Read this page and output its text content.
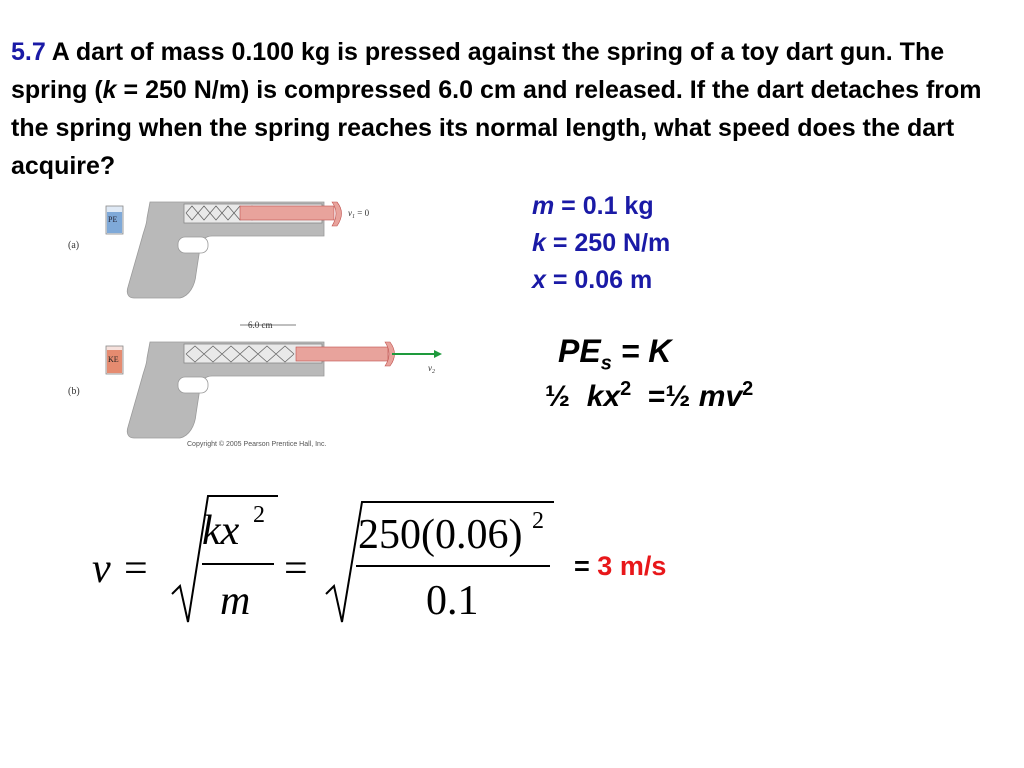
5.7 A dart of mass 0.100 kg is pressed against the spring of a toy dart gun. The spring (k = 250 N/m) is compressed 6.0 cm and released. If the dart detaches from the spring when the spring reaches its normal length, what speed does the dart acquire?
m = 0.1 kg
k = 250 N/m
x = 0.06 m
$PE_s = K$
½ $kx^2$ =½ $mv^2$
v =
kx 2
m
=
250(0.06) 2
0.1
= 3 m/s
(a)
PE
$v_1 = 0$
6.0 cm
(b)
KE
$v_2$
Copyright © 2005 Pearson Prentice Hall, Inc.
